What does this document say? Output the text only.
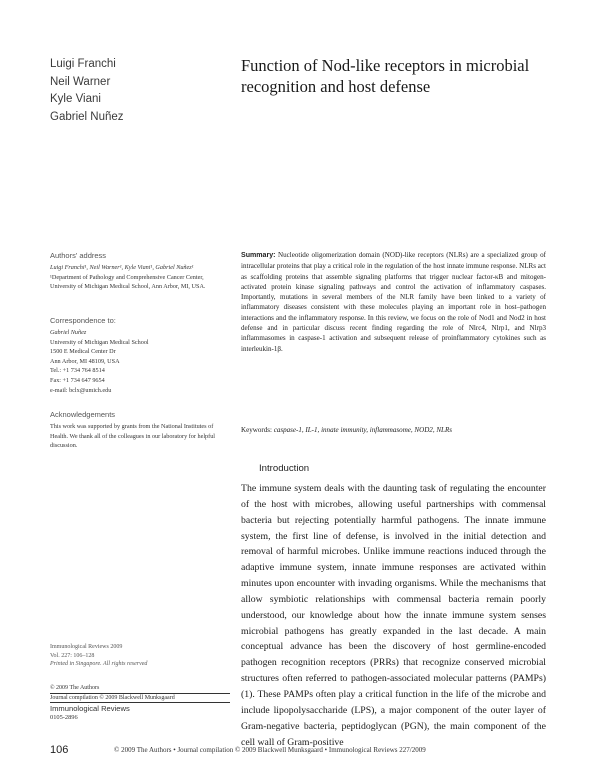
Luigi Franchi
Neil Warner
Kyle Viani
Gabriel Nuñez
Function of Nod-like receptors in microbial recognition and host defense
Authors' address
Luigi Franchi¹, Neil Warner¹, Kyle Viani¹, Gabriel Nuñez¹
¹Department of Pathology and Comprehensive Cancer Center, University of Michigan Medical School, Ann Arbor, MI, USA.
Correspondence to:
Gabriel Nuñez
University of Michigan Medical School
1500 E Medical Center Dr
Ann Arbor, MI 48109, USA
Tel.: +1 734 764 8514
Fax: +1 734 647 9654
e-mail: bclx@umich.edu
Acknowledgements
This work was supported by grants from the National Institutes of Health. We thank all of the colleagues in our laboratory for helpful discussion.
Summary: Nucleotide oligomerization domain (NOD)-like receptors (NLRs) are a specialized group of intracellular proteins that play a critical role in the regulation of the host innate immune response. NLRs act as scaffolding proteins that assemble signaling platforms that trigger nuclear factor-κB and mitogen-activated protein kinase signaling pathways and control the activation of inflammatory caspases. Importantly, mutations in several members of the NLR family have been linked to a variety of inflammatory diseases consistent with these molecules playing an important role in host–pathogen interactions and the inflammatory response. In this review, we focus on the role of Nod1 and Nod2 in host defense and in particular discuss recent finding regarding the role of Nlrc4, Nlrp1, and Nlrp3 inflammasomes in caspase-1 activation and subsequent release of proinflammatory cytokines such as interleukin-1β.
Keywords: caspase-1, IL-1, innate immunity, inflammasome, NOD2, NLRs
Introduction

The immune system deals with the daunting task of regulating the encounter of the host with microbes, allowing useful partnerships with commensal bacteria but rejecting potentially harmful pathogens. The innate immune system, the first line of defense, is involved in the initial detection and removal of harmful microbes. Unlike immune reactions induced through the adaptive immune system, innate immune responses are activated within minutes upon encounter with invading organisms. While the mechanisms that allow symbiotic relationships with commensal bacteria remain poorly understood, our knowledge about how the innate immune system senses microbial pathogens has greatly expanded in the last decade. A main conceptual advance has been the discovery of host germline-encoded pathogen recognition receptors (PRRs) that recognize conserved microbial structures often referred to pathogen-associated molecular patterns (PAMPs) (1). These PAMPs often play a critical function in the life of the microbe and include lipopolysaccharide (LPS), a major component of the outer layer of Gram-negative bacteria, peptidoglycan (PGN), the main component of the cell wall of Gram-positive

Immunological Reviews 2009
Vol. 227: 106–128
Printed in Singapore. All rights reserved
© 2009 The Authors
Journal compilation © 2009 Blackwell Munksgaard
Immunological Reviews
0105-2896
106	© 2009 The Authors • Journal compilation © 2009 Blackwell Munksgaard • Immunological Reviews 227/2009
